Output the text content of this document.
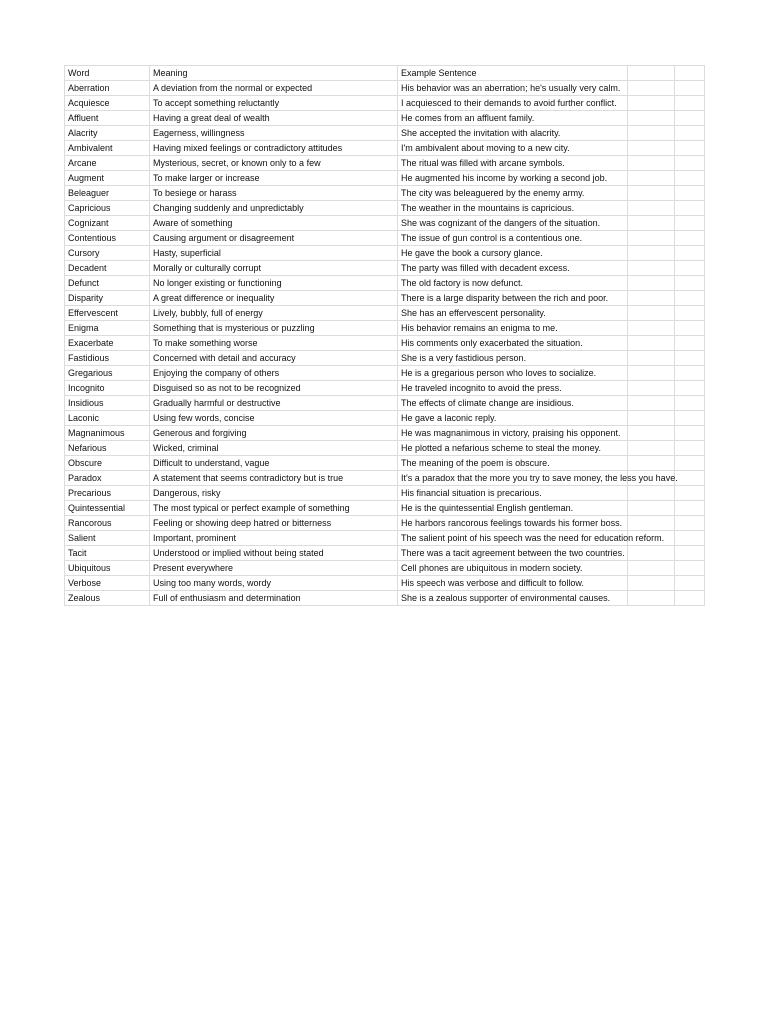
Word	Meaning	Example Sentence		
Aberration	A deviation from the normal or expected	His behavior was an aberration; he's usually very calm.		
Acquiesce	To accept something reluctantly	I acquiesced to their demands to avoid further conflict.		
Affluent	Having a great deal of wealth	He comes from an affluent family.		
Alacrity	Eagerness, willingness	She accepted the invitation with alacrity.		
Ambivalent	Having mixed feelings or contradictory attitudes	I'm ambivalent about moving to a new city.		
Arcane	Mysterious, secret, or known only to a few	The ritual was filled with arcane symbols.		
Augment	To make larger or increase	He augmented his income by working a second job.		
Beleaguer	To besiege or harass	The city was beleaguered by the enemy army.		
Capricious	Changing suddenly and unpredictably	The weather in the mountains is capricious.		
Cognizant	Aware of something	She was cognizant of the dangers of the situation.		
Contentious	Causing argument or disagreement	The issue of gun control is a contentious one.		
Cursory	Hasty, superficial	He gave the book a cursory glance.		
Decadent	Morally or culturally corrupt	The party was filled with decadent excess.		
Defunct	No longer existing or functioning	The old factory is now defunct.		
Disparity	A great difference or inequality	There is a large disparity between the rich and poor.		
Effervescent	Lively, bubbly, full of energy	She has an effervescent personality.		
Enigma	Something that is mysterious or puzzling	His behavior remains an enigma to me.		
Exacerbate	To make something worse	His comments only exacerbated the situation.		
Fastidious	Concerned with detail and accuracy	She is a very fastidious person.		
Gregarious	Enjoying the company of others	He is a gregarious person who loves to socialize.		
Incognito	Disguised so as not to be recognized	He traveled incognito to avoid the press.		
Insidious	Gradually harmful or destructive	The effects of climate change are insidious.		
Laconic	Using few words, concise	He gave a laconic reply.		
Magnanimous	Generous and forgiving	He was magnanimous in victory, praising his opponent.		
Nefarious	Wicked, criminal	He plotted a nefarious scheme to steal the money.		
Obscure	Difficult to understand, vague	The meaning of the poem is obscure.		
Paradox	A statement that seems contradictory but is true	It's a paradox that the more you try to save money, the less you have.		
Precarious	Dangerous, risky	His financial situation is precarious.		
Quintessential	The most typical or perfect example of something	He is the quintessential English gentleman.		
Rancorous	Feeling or showing deep hatred or bitterness	He harbors rancorous feelings towards his former boss.		
Salient	Important, prominent	The salient point of his speech was the need for education reform.		
Tacit	Understood or implied without being stated	There was a tacit agreement between the two countries.		
Ubiquitous	Present everywhere	Cell phones are ubiquitous in modern society.		
Verbose	Using too many words, wordy	His speech was verbose and difficult to follow.		
Zealous	Full of enthusiasm and determination	She is a zealous supporter of environmental causes.		
